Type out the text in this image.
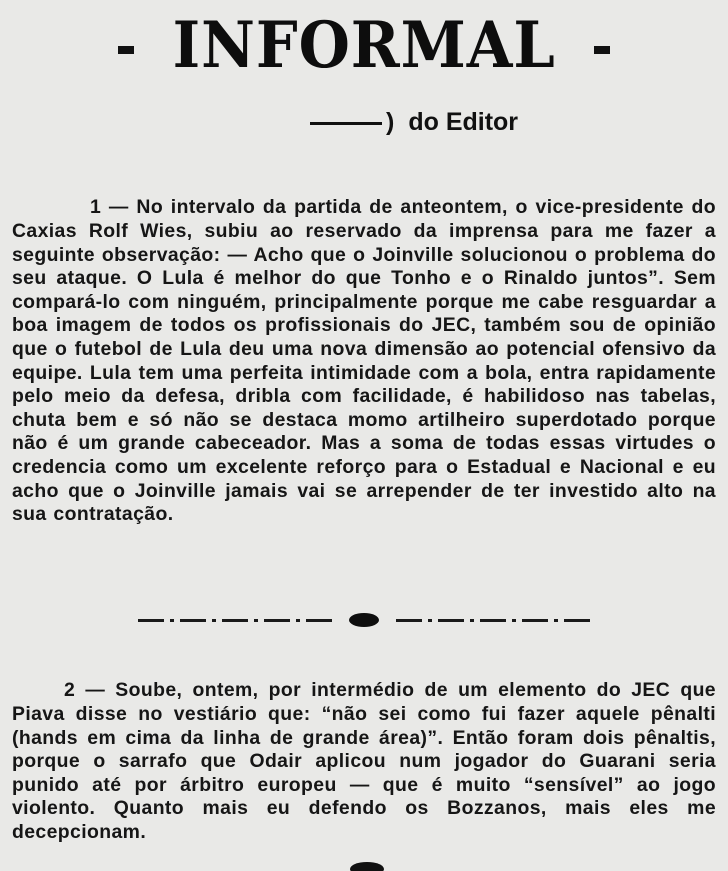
INFORMAL
) do Editor

1 — No intervalo da partida de anteontem, o vice-presidente do Caxias Rolf Wies, subiu ao reservado da imprensa para me fazer a seguinte observação: — Acho que o Joinville solucionou o problema do seu ataque. O Lula é melhor do que Tonho e o Rinaldo juntos”. Sem compará-lo com ninguém, principalmente porque me cabe resguardar a boa imagem de todos os profissionais do JEC, também sou de opinião que o futebol de Lula deu uma nova dimensão ao potencial ofensivo da equipe. Lula tem uma perfeita intimidade com a bola, entra rapidamente pelo meio da defesa, dribla com facilidade, é habilidoso nas tabelas, chuta bem e só não se destaca momo artilheiro superdotado porque não é um grande cabeceador. Mas a soma de todas essas virtudes o credencia como um excelente reforço para o Estadual e Nacional e eu acho que o Joinville jamais vai se arrepender de ter investido alto na sua contratação.

2 — Soube, ontem, por intermédio de um elemento do JEC que Piava disse no vestiário que: “não sei como fui fazer aquele pênalti (hands em cima da linha de grande área)”. Então foram dois pênaltis, porque o sarrafo que Odair aplicou num jogador do Guarani seria punido até por árbitro europeu — que é muito “sensível” ao jogo violento. Quanto mais eu defendo os Bozzanos, mais eles me decepcionam.
